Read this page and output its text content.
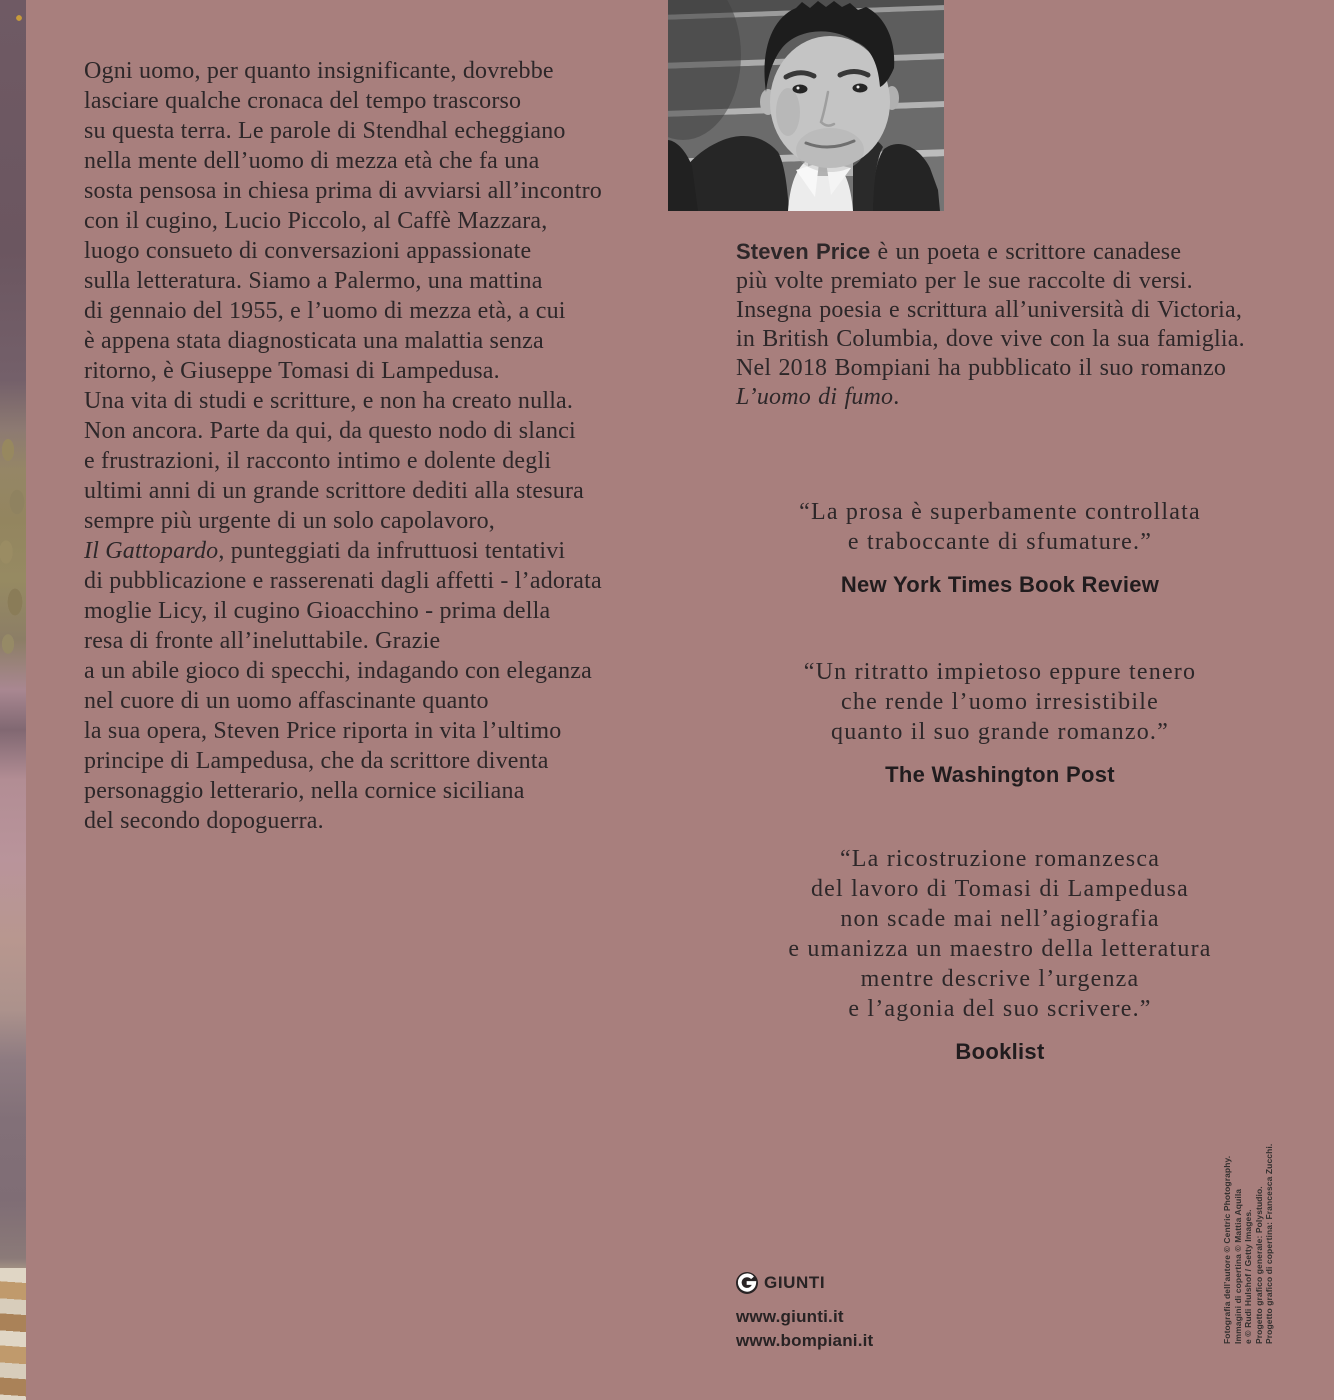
Ogni uomo, per quanto insignificante, dovrebbe
lasciare qualche cronaca del tempo trascorso
su questa terra. Le parole di Stendhal echeggiano
nella mente dell’uomo di mezza età che fa una
sosta pensosa in chiesa prima di avviarsi all’incontro
con il cugino, Lucio Piccolo, al Caffè Mazzara,
luogo consueto di conversazioni appassionate
sulla letteratura. Siamo a Palermo, una mattina
di gennaio del 1955, e l’uomo di mezza età, a cui
è appena stata diagnosticata una malattia senza
ritorno, è Giuseppe Tomasi di Lampedusa.
Una vita di studi e scritture, e non ha creato nulla.
Non ancora. Parte da qui, da questo nodo di slanci
e frustrazioni, il racconto intimo e dolente degli
ultimi anni di un grande scrittore dediti alla stesura
sempre più urgente di un solo capolavoro,
Il Gattopardo, punteggiati da infruttuosi tentativi
di pubblicazione e rasserenati dagli affetti - l’adorata
moglie Licy, il cugino Gioacchino - prima della
resa di fronte all’ineluttabile. Grazie
a un abile gioco di specchi, indagando con eleganza
nel cuore di un uomo affascinante quanto
la sua opera, Steven Price riporta in vita l’ultimo
principe di Lampedusa, che da scrittore diventa
personaggio letterario, nella cornice siciliana
del secondo dopoguerra.
Steven Price è un poeta e scrittore canadese
più volte premiato per le sue raccolte di versi.
Insegna poesia e scrittura all’università di Victoria,
in British Columbia, dove vive con la sua famiglia.
Nel 2018 Bompiani ha pubblicato il suo romanzo
L’uomo di fumo.
“La prosa è superbamente controllata
e traboccante di sfumature.”
New York Times Book Review
“Un ritratto impietoso eppure tenero
che rende l’uomo irresistibile
quanto il suo grande romanzo.”
The Washington Post
“La ricostruzione romanzesca
del lavoro di Tomasi di Lampedusa
non scade mai nell’agiografia
e umanizza un maestro della letteratura
mentre descrive l’urgenza
e l’agonia del suo scrivere.”
Booklist
GIUNTI
www.giunti.it
www.bompiani.it	Fotografia dell’autore © Centric Photography. Immagini di copertina © Mattia Aquila e © Rudi Hulshof / Getty Images. Progetto grafico generale: Polystudio. Progetto grafico di copertina: Francesca Zucchi.
